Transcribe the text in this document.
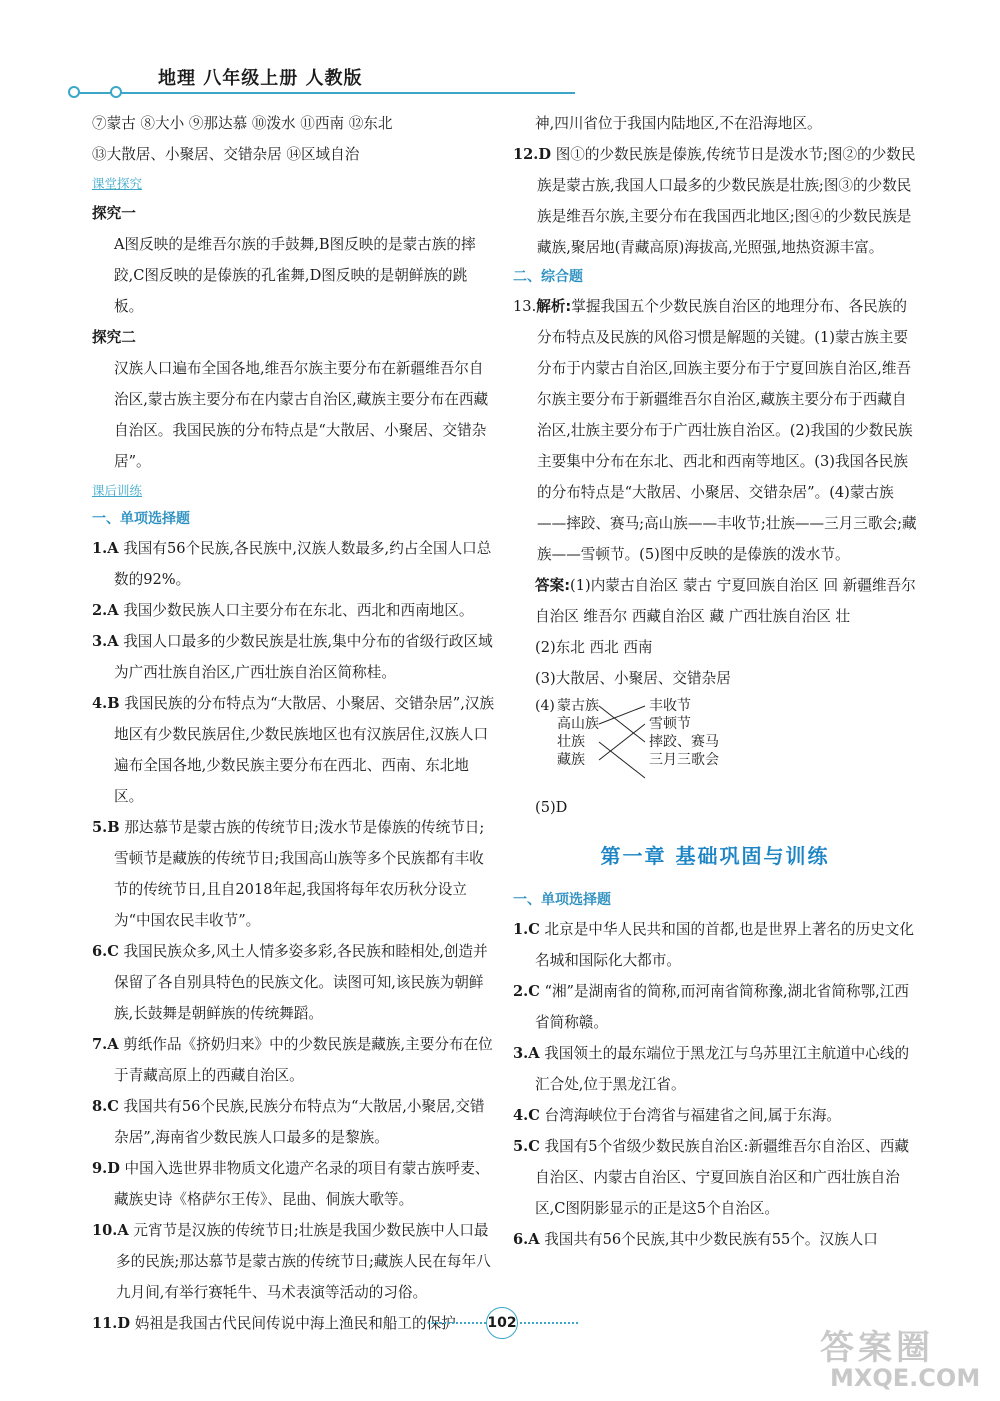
地理 八年级上册 人教版

⑦蒙古 ⑧大小 ⑨那达慕 ⑩泼水 ⑪西南 ⑫东北

⑬大散居、小聚居、交错杂居 ⑭区域自治

课堂探究
探究一

A图反映的是维吾尔族的手鼓舞,B图反映的是蒙古族的摔跤,C图反映的是傣族的孔雀舞,D图反映的是朝鲜族的跳板。

探究二

汉族人口遍布全国各地,维吾尔族主要分布在新疆维吾尔自治区,蒙古族主要分布在内蒙古自治区,藏族主要分布在西藏自治区。我国民族的分布特点是“大散居、小聚居、交错杂居”。

课后训练
一、单项选择题

1.A 我国有56个民族,各民族中,汉族人数最多,约占全国人口总数的92%。

2.A 我国少数民族人口主要分布在东北、西北和西南地区。

3.A 我国人口最多的少数民族是壮族,集中分布的省级行政区域为广西壮族自治区,广西壮族自治区简称桂。

4.B 我国民族的分布特点为“大散居、小聚居、交错杂居”,汉族地区有少数民族居住,少数民族地区也有汉族居住,汉族人口遍布全国各地,少数民族主要分布在西北、西南、东北地区。

5.B 那达慕节是蒙古族的传统节日;泼水节是傣族的传统节日;雪顿节是藏族的传统节日;我国高山族等多个民族都有丰收节的传统节日,且自2018年起,我国将每年农历秋分设立为“中国农民丰收节”。

6.C 我国民族众多,风土人情多姿多彩,各民族和睦相处,创造并保留了各自别具特色的民族文化。读图可知,该民族为朝鲜族,长鼓舞是朝鲜族的传统舞蹈。

7.A 剪纸作品《挤奶归来》中的少数民族是藏族,主要分布在位于青藏高原上的西藏自治区。

8.C 我国共有56个民族,民族分布特点为“大散居,小聚居,交错杂居”,海南省少数民族人口最多的是黎族。

9.D 中国入选世界非物质文化遗产名录的项目有蒙古族呼麦、藏族史诗《格萨尔王传》、昆曲、侗族大歌等。

10.A 元宵节是汉族的传统节日;壮族是我国少数民族中人口最多的民族;那达慕节是蒙古族的传统节日;藏族人民在每年八九月间,有举行赛牦牛、马术表演等活动的习俗。

11.D 妈祖是我国古代民间传说中海上渔民和船工的保护

神,四川省位于我国内陆地区,不在沿海地区。

12.D 图①的少数民族是傣族,传统节日是泼水节;图②的少数民族是蒙古族,我国人口最多的少数民族是壮族;图③的少数民族是维吾尔族,主要分布在我国西北地区;图④的少数民族是藏族,聚居地(青藏高原)海拔高,光照强,地热资源丰富。

二、综合题

13.解析:掌握我国五个少数民族自治区的地理分布、各民族的分布特点及民族的风俗习惯是解题的关键。(1)蒙古族主要分布于内蒙古自治区,回族主要分布于宁夏回族自治区,维吾尔族主要分布于新疆维吾尔自治区,藏族主要分布于西藏自治区,壮族主要分布于广西壮族自治区。(2)我国的少数民族主要集中分布在东北、西北和西南等地区。(3)我国各民族的分布特点是“大散居、小聚居、交错杂居”。(4)蒙古族——摔跤、赛马;高山族——丰收节;壮族——三月三歌会;藏族——雪顿节。(5)图中反映的是傣族的泼水节。

答案:(1)内蒙古自治区 蒙古 宁夏回族自治区 回 新疆维吾尔自治区 维吾尔 西藏自治区 藏 广西壮族自治区 壮

(2)东北 西北 西南

(3)大散居、小聚居、交错杂居

(4) 蒙古族
高山族
壮族
藏族
丰收节
雪顿节
摔跤、赛马
三月三歌会

(5)D

第一章 基础巩固与训练
一、单项选择题

1.C 北京是中华人民共和国的首都,也是世界上著名的历史文化名城和国际化大都市。

2.C “湘”是湖南省的简称,而河南省简称豫,湖北省简称鄂,江西省简称赣。

3.A 我国领土的最东端位于黑龙江与乌苏里江主航道中心线的汇合处,位于黑龙江省。

4.C 台湾海峡位于台湾省与福建省之间,属于东海。

5.C 我国有5个省级少数民族自治区:新疆维吾尔自治区、西藏自治区、内蒙古自治区、宁夏回族自治区和广西壮族自治区,C图阴影显示的正是这5个自治区。

6.A 我国共有56个民族,其中少数民族有55个。汉族人口

102
答案圈
MXQE.COM
